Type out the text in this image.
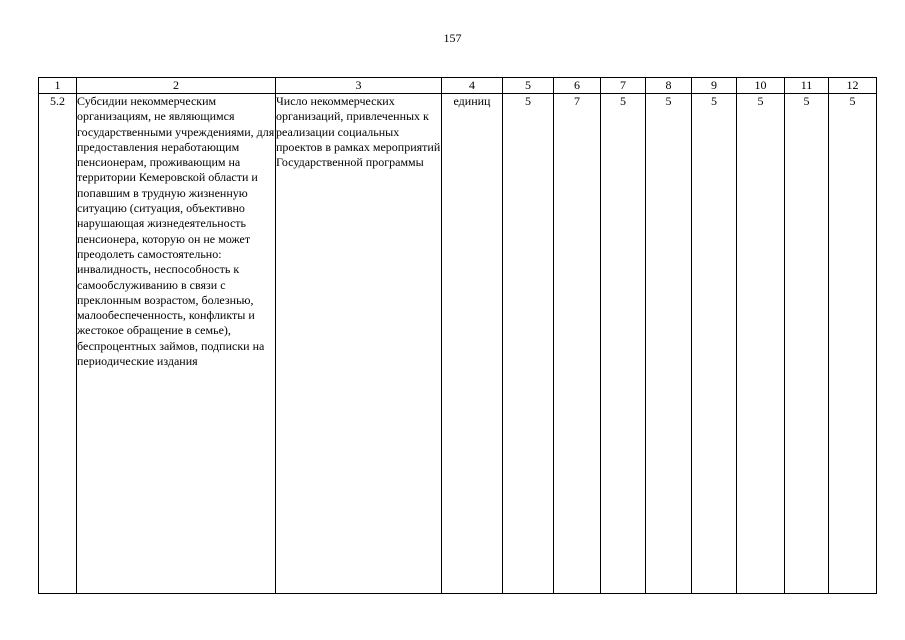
157
1	2	3	4	5	6	7	8	9	10	11	12
5.2	Субсидии некоммерческим организациям, не являющимся государственными учреждениями, для предоставления неработающим пенсионерам, проживающим на территории Кемеровской области и попавшим в трудную жизненную ситуацию (ситуация, объективно нарушающая жизнедеятельность пенсионера, которую он не может преодолеть самостоятельно: инвалидность, неспособность к самообслуживанию в связи с преклонным возрастом, болезнью, малообеспеченность, конфликты и жестокое обращение в семье), беспроцентных займов, подписки на периодические издания	Число некоммерческих организаций, привлеченных к реализации социальных проектов в рамках мероприятий Государственной программы	единиц	5	7	5	5	5	5	5	5
